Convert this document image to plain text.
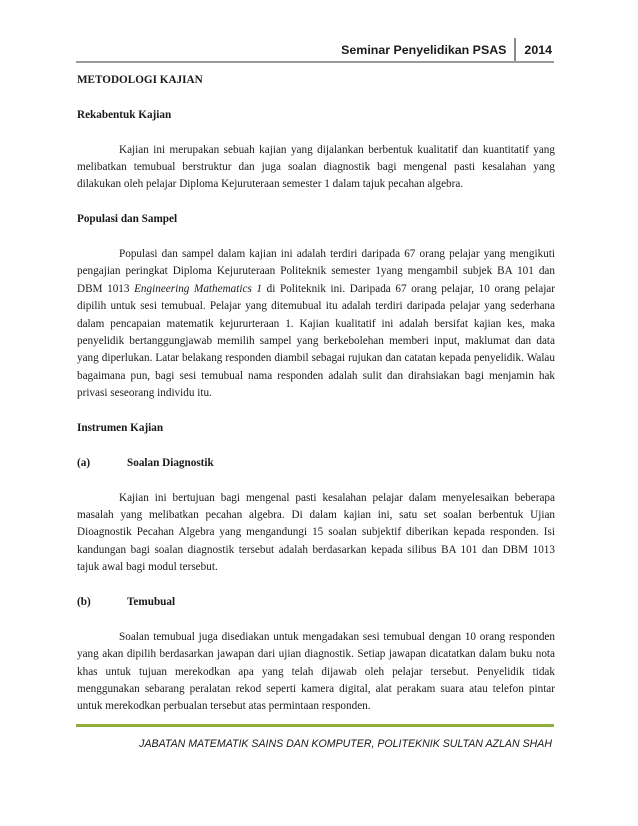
Seminar Penyelidikan PSAS	2014

METODOLOGI KAJIAN

Rekabentuk Kajian

Kajian ini merupakan sebuah kajian yang dijalankan berbentuk kualitatif dan kuantitatif yang melibatkan temubual berstruktur dan juga soalan diagnostik bagi mengenal pasti kesalahan yang dilakukan oleh pelajar Diploma Kejuruteraan semester 1 dalam tajuk pecahan algebra.

Populasi dan Sampel

Populasi dan sampel dalam kajian ini adalah terdiri daripada 67 orang pelajar yang mengikuti pengajian peringkat Diploma Kejuruteraan Politeknik semester 1yang mengambil subjek BA 101 dan DBM 1013 Engineering Mathematics 1 di Politeknik ini. Daripada 67 orang pelajar, 10 orang pelajar dipilih untuk sesi temubual. Pelajar yang ditemubual itu adalah terdiri daripada pelajar yang sederhana dalam pencapaian matematik kejururteraan 1. Kajian kualitatif ini adalah bersifat kajian kes, maka penyelidik bertanggungjawab memilih sampel yang berkebolehan memberi input, maklumat dan data yang diperlukan. Latar belakang responden diambil sebagai rujukan dan catatan kepada penyelidik. Walau bagaimana pun, bagi sesi temubual nama responden adalah sulit dan dirahsiakan bagi menjamin hak privasi seseorang individu itu.

Instrumen Kajian

(a)	Soalan Diagnostik

Kajian ini bertujuan bagi mengenal pasti kesalahan pelajar dalam menyelesaikan beberapa masalah yang melibatkan pecahan algebra. Di dalam kajian ini, satu set soalan berbentuk Ujian Dioagnostik Pecahan Algebra yang mengandungi 15 soalan subjektif diberikan kepada responden. Isi kandungan bagi soalan diagnostik tersebut adalah berdasarkan kepada silibus BA 101 dan DBM 1013 tajuk awal bagi modul tersebut.

(b)	Temubual

Soalan temubual juga disediakan untuk mengadakan sesi temubual dengan 10 orang responden yang akan dipilih berdasarkan jawapan dari ujian diagnostik. Setiap jawapan dicatatkan dalam buku nota khas untuk tujuan merekodkan apa yang telah dijawab oleh pelajar tersebut. Penyelidik tidak menggunakan sebarang peralatan rekod seperti kamera digital, alat perakam suara atau telefon pintar untuk merekodkan perbualan tersebut atas permintaan responden.

JABATAN MATEMATIK SAINS DAN KOMPUTER, POLITEKNIK SULTAN AZLAN SHAH
